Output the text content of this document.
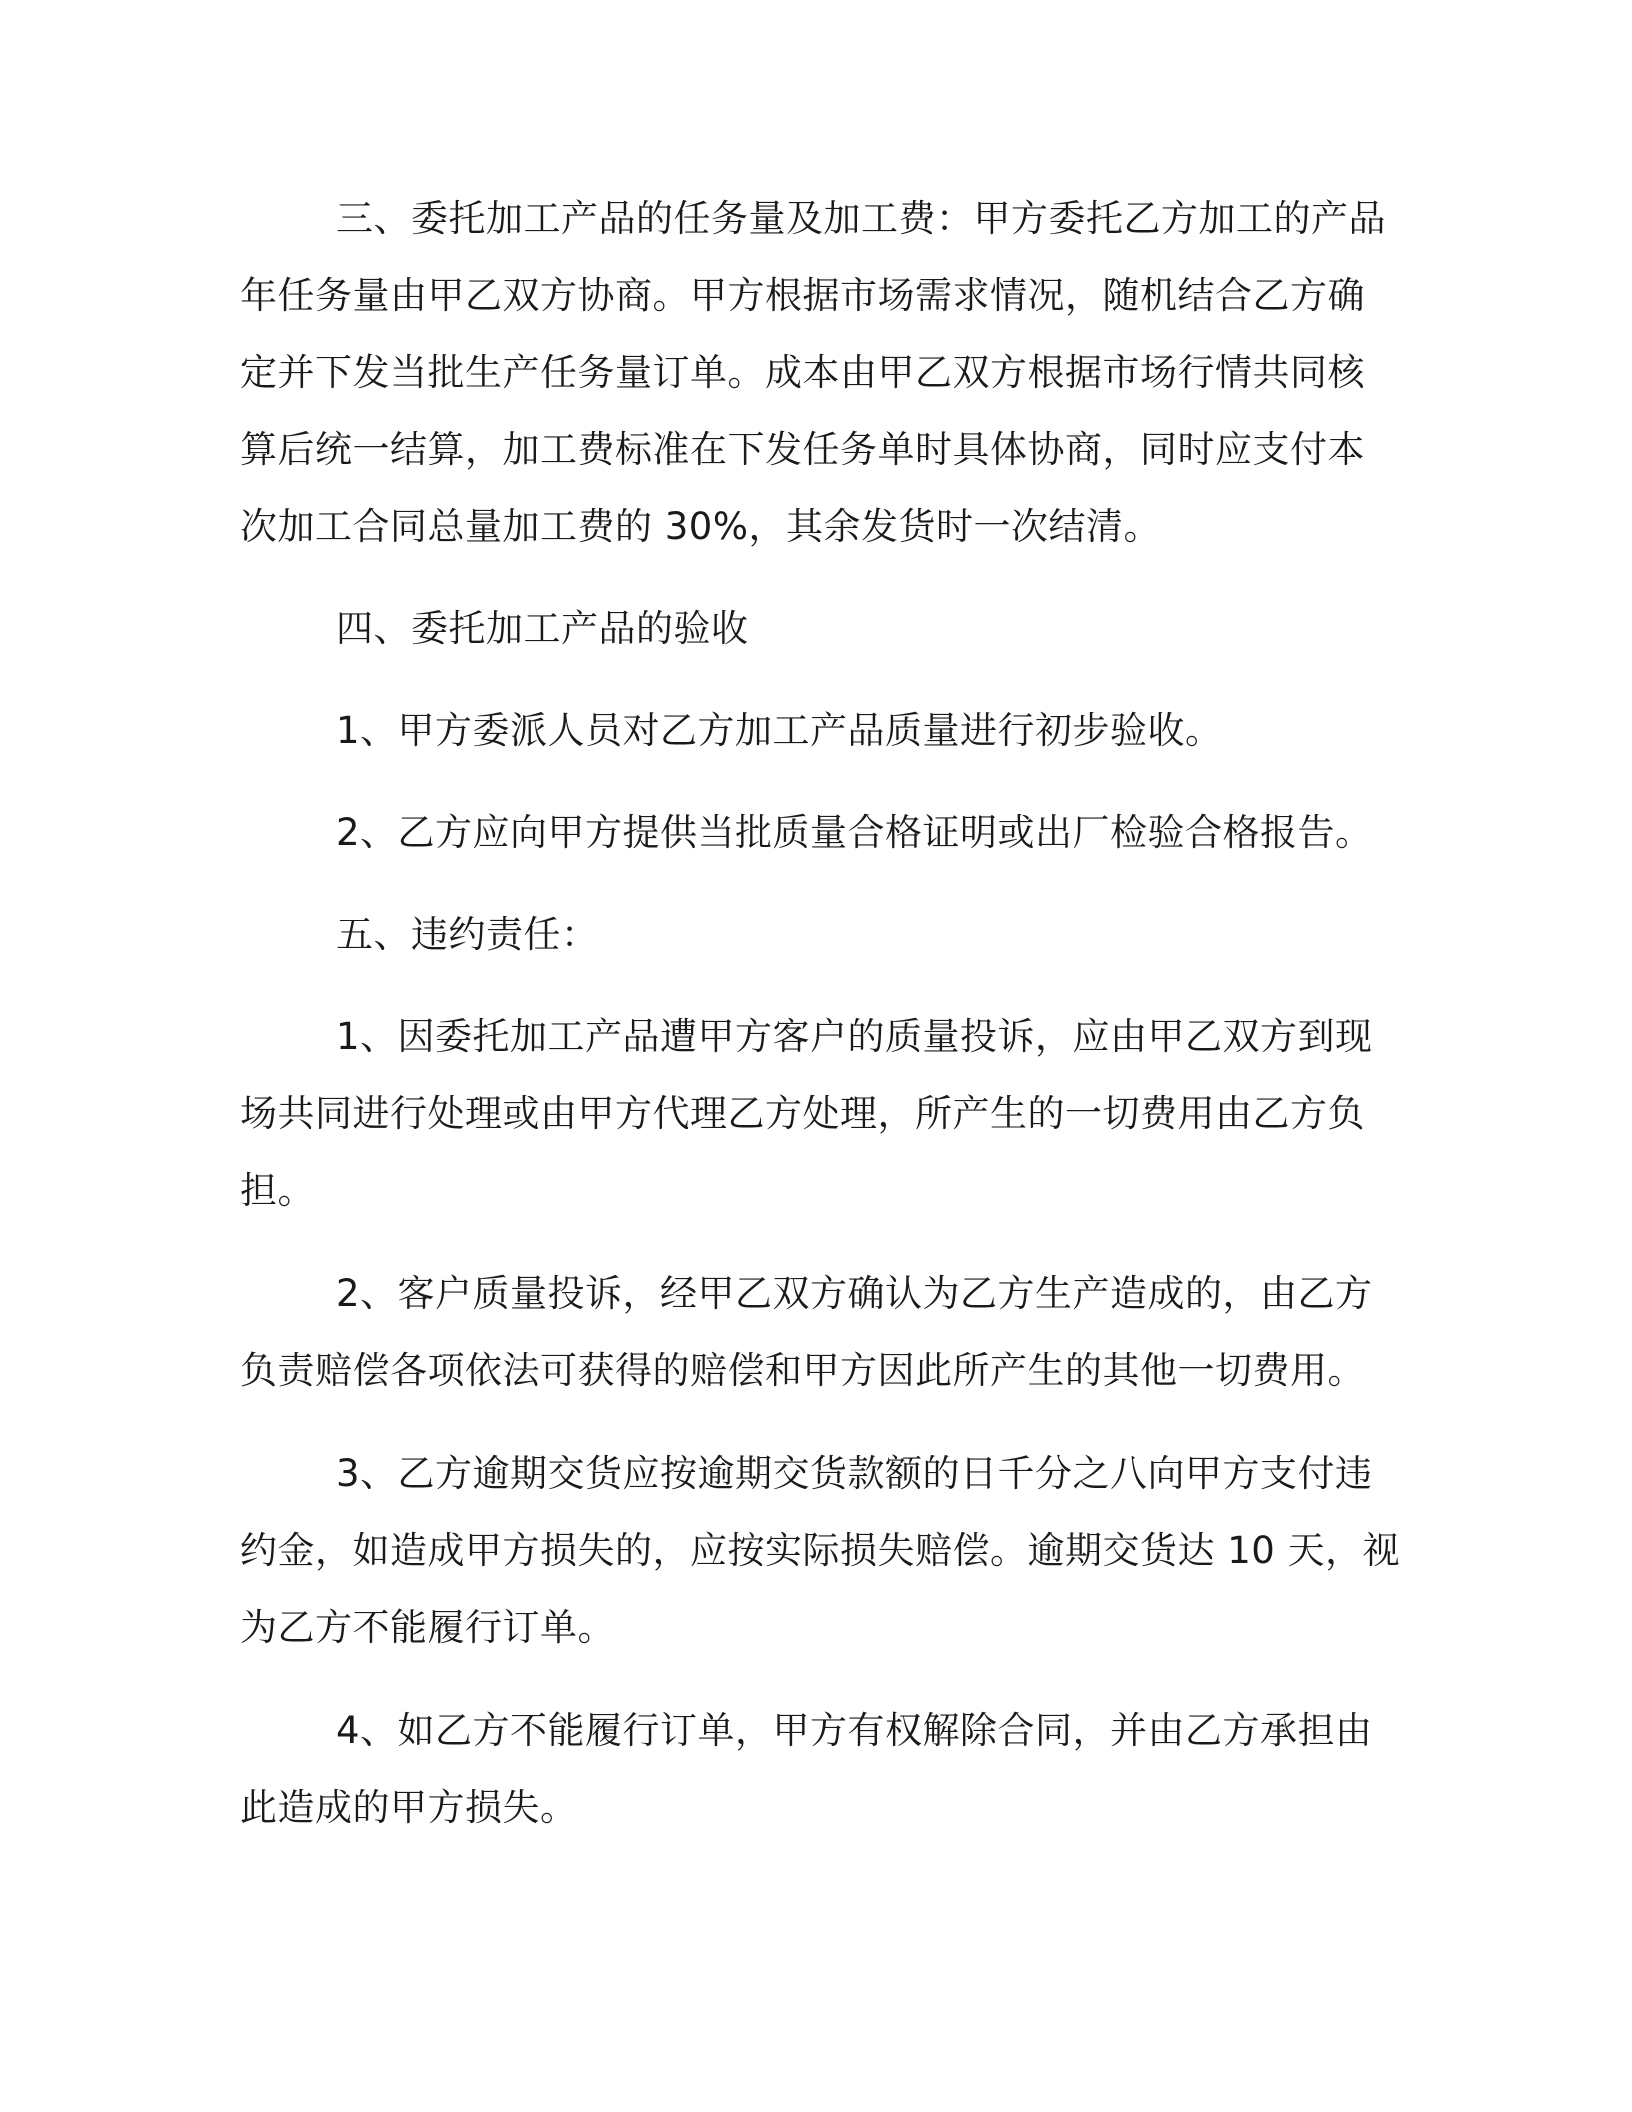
三、委托加工产品的任务量及加工费：甲方委托乙方加工的产品
年任务量由甲乙双方协商。甲方根据市场需求情况，随机结合乙方确
定并下发当批生产任务量订单。成本由甲乙双方根据市场行情共同核
算后统一结算，加工费标准在下发任务单时具体协商，同时应支付本
次加工合同总量加工费的 30%，其余发货时一次结清。
四、委托加工产品的验收
1、甲方委派人员对乙方加工产品质量进行初步验收。
2、乙方应向甲方提供当批质量合格证明或出厂检验合格报告。
五、违约责任：
1、因委托加工产品遭甲方客户的质量投诉，应由甲乙双方到现
场共同进行处理或由甲方代理乙方处理，所产生的一切费用由乙方负
担。
2、客户质量投诉，经甲乙双方确认为乙方生产造成的，由乙方
负责赔偿各项依法可获得的赔偿和甲方因此所产生的其他一切费用。
3、乙方逾期交货应按逾期交货款额的日千分之八向甲方支付违
约金，如造成甲方损失的，应按实际损失赔偿。逾期交货达 10 天，视
为乙方不能履行订单。
4、如乙方不能履行订单，甲方有权解除合同，并由乙方承担由
此造成的甲方损失。
